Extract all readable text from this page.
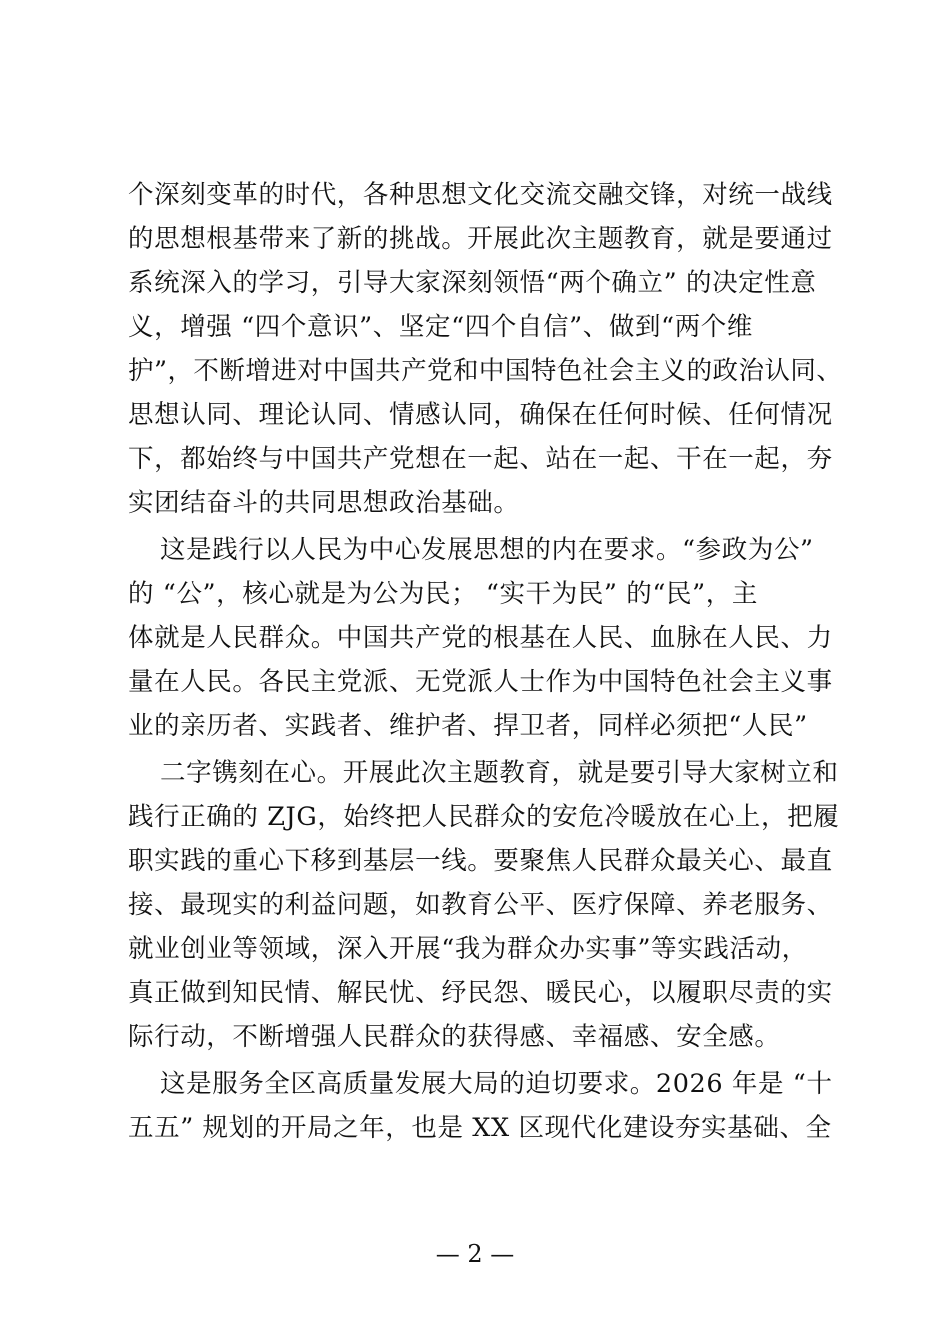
个深刻变革的时代，各种思想文化交流交融交锋，对统一战线
的思想根基带来了新的挑战。开展此次主题教育，就是要通过
系统深入的学习，引导大家深刻领悟“两个确立” 的决定性意
义，增强 “四个意识”、坚定“四个自信”、做到“两个维
护”，不断增进对中国共产党和中国特色社会主义的政治认同、
思想认同、理论认同、情感认同，确保在任何时候、任何情况
下，都始终与中国共产党想在一起、站在一起、干在一起，夯
实团结奋斗的共同思想政治基础。
这是践行以人民为中心发展思想的内在要求。“参政为公”
的 “公”，核心就是为公为民； “实干为民” 的“民”，主
体就是人民群众。中国共产党的根基在人民、血脉在人民、力
量在人民。各民主党派、无党派人士作为中国特色社会主义事
业的亲历者、实践者、维护者、捍卫者，同样必须把“人民”
二字镌刻在心。开展此次主题教育，就是要引导大家树立和
践行正确的 ZJG，始终把人民群众的安危冷暖放在心上，把履
职实践的重心下移到基层一线。要聚焦人民群众最关心、最直
接、最现实的利益问题，如教育公平、医疗保障、养老服务、
就业创业等领域，深入开展“我为群众办实事”等实践活动，
真正做到知民情、解民忧、纾民怨、暖民心，以履职尽责的实
际行动，不断增强人民群众的获得感、幸福感、安全感。
这是服务全区高质量发展大局的迫切要求。2026 年是 “十
五五” 规划的开局之年，也是 XX 区现代化建设夯实基础、全
— 2 —
